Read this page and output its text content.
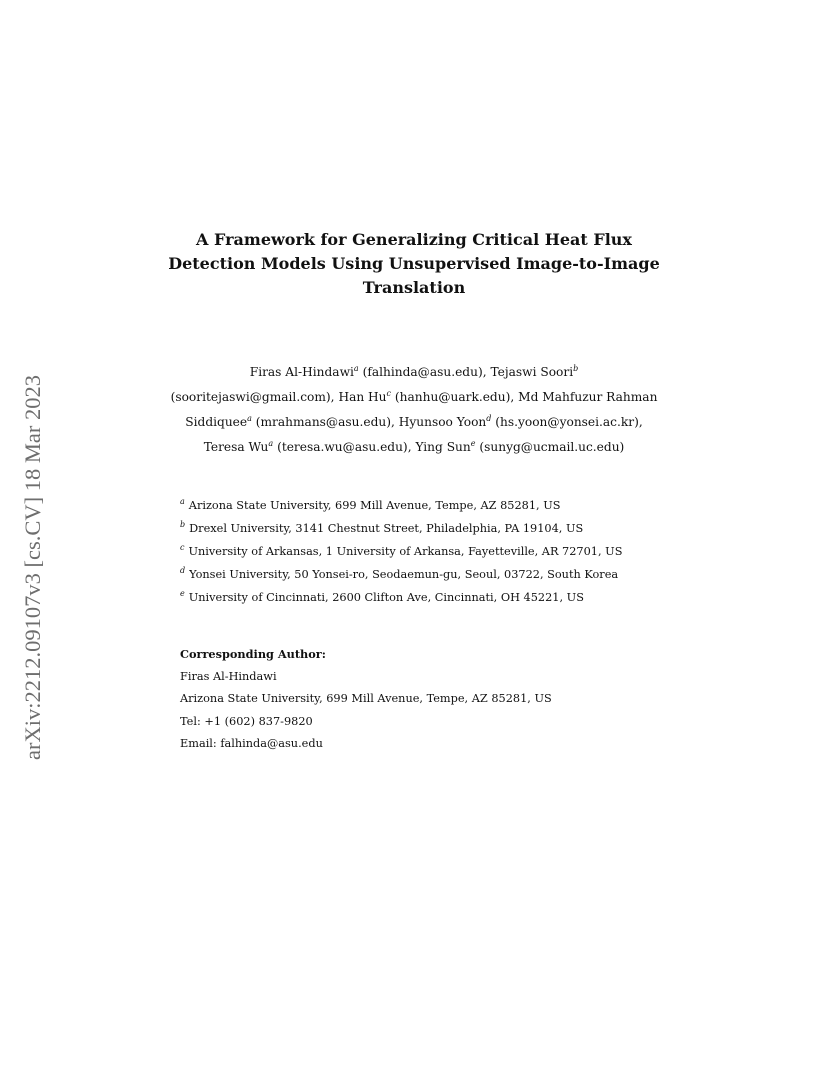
arXiv:2212.09107v3 [cs.CV] 18 Mar 2023
A Framework for Generalizing Critical Heat Flux
Detection Models Using Unsupervised Image-to-Image
Translation
Firas Al-Hindawi$^a$ (falhinda@asu.edu), Tejaswi Soori$^b$
(sooritejaswi@gmail.com), Han Hu$^c$ (hanhu@uark.edu), Md Mahfuzur Rahman
Siddiquee$^a$ (mrahmans@asu.edu), Hyunsoo Yoon$^d$ (hs.yoon@yonsei.ac.kr),
Teresa Wu$^a$ (teresa.wu@asu.edu), Ying Sun$^e$ (sunyg@ucmail.uc.edu)
$^a$ Arizona State University, 699 Mill Avenue, Tempe, AZ 85281, US
$^b$ Drexel University, 3141 Chestnut Street, Philadelphia, PA 19104, US
$^c$ University of Arkansas, 1 University of Arkansa, Fayetteville, AR 72701, US
$^d$ Yonsei University, 50 Yonsei-ro, Seodaemun-gu, Seoul, 03722, South Korea
$^e$ University of Cincinnati, 2600 Clifton Ave, Cincinnati, OH 45221, US
Corresponding Author:
Firas Al-Hindawi
Arizona State University, 699 Mill Avenue, Tempe, AZ 85281, US
Tel: +1 (602) 837-9820
Email: falhinda@asu.edu
